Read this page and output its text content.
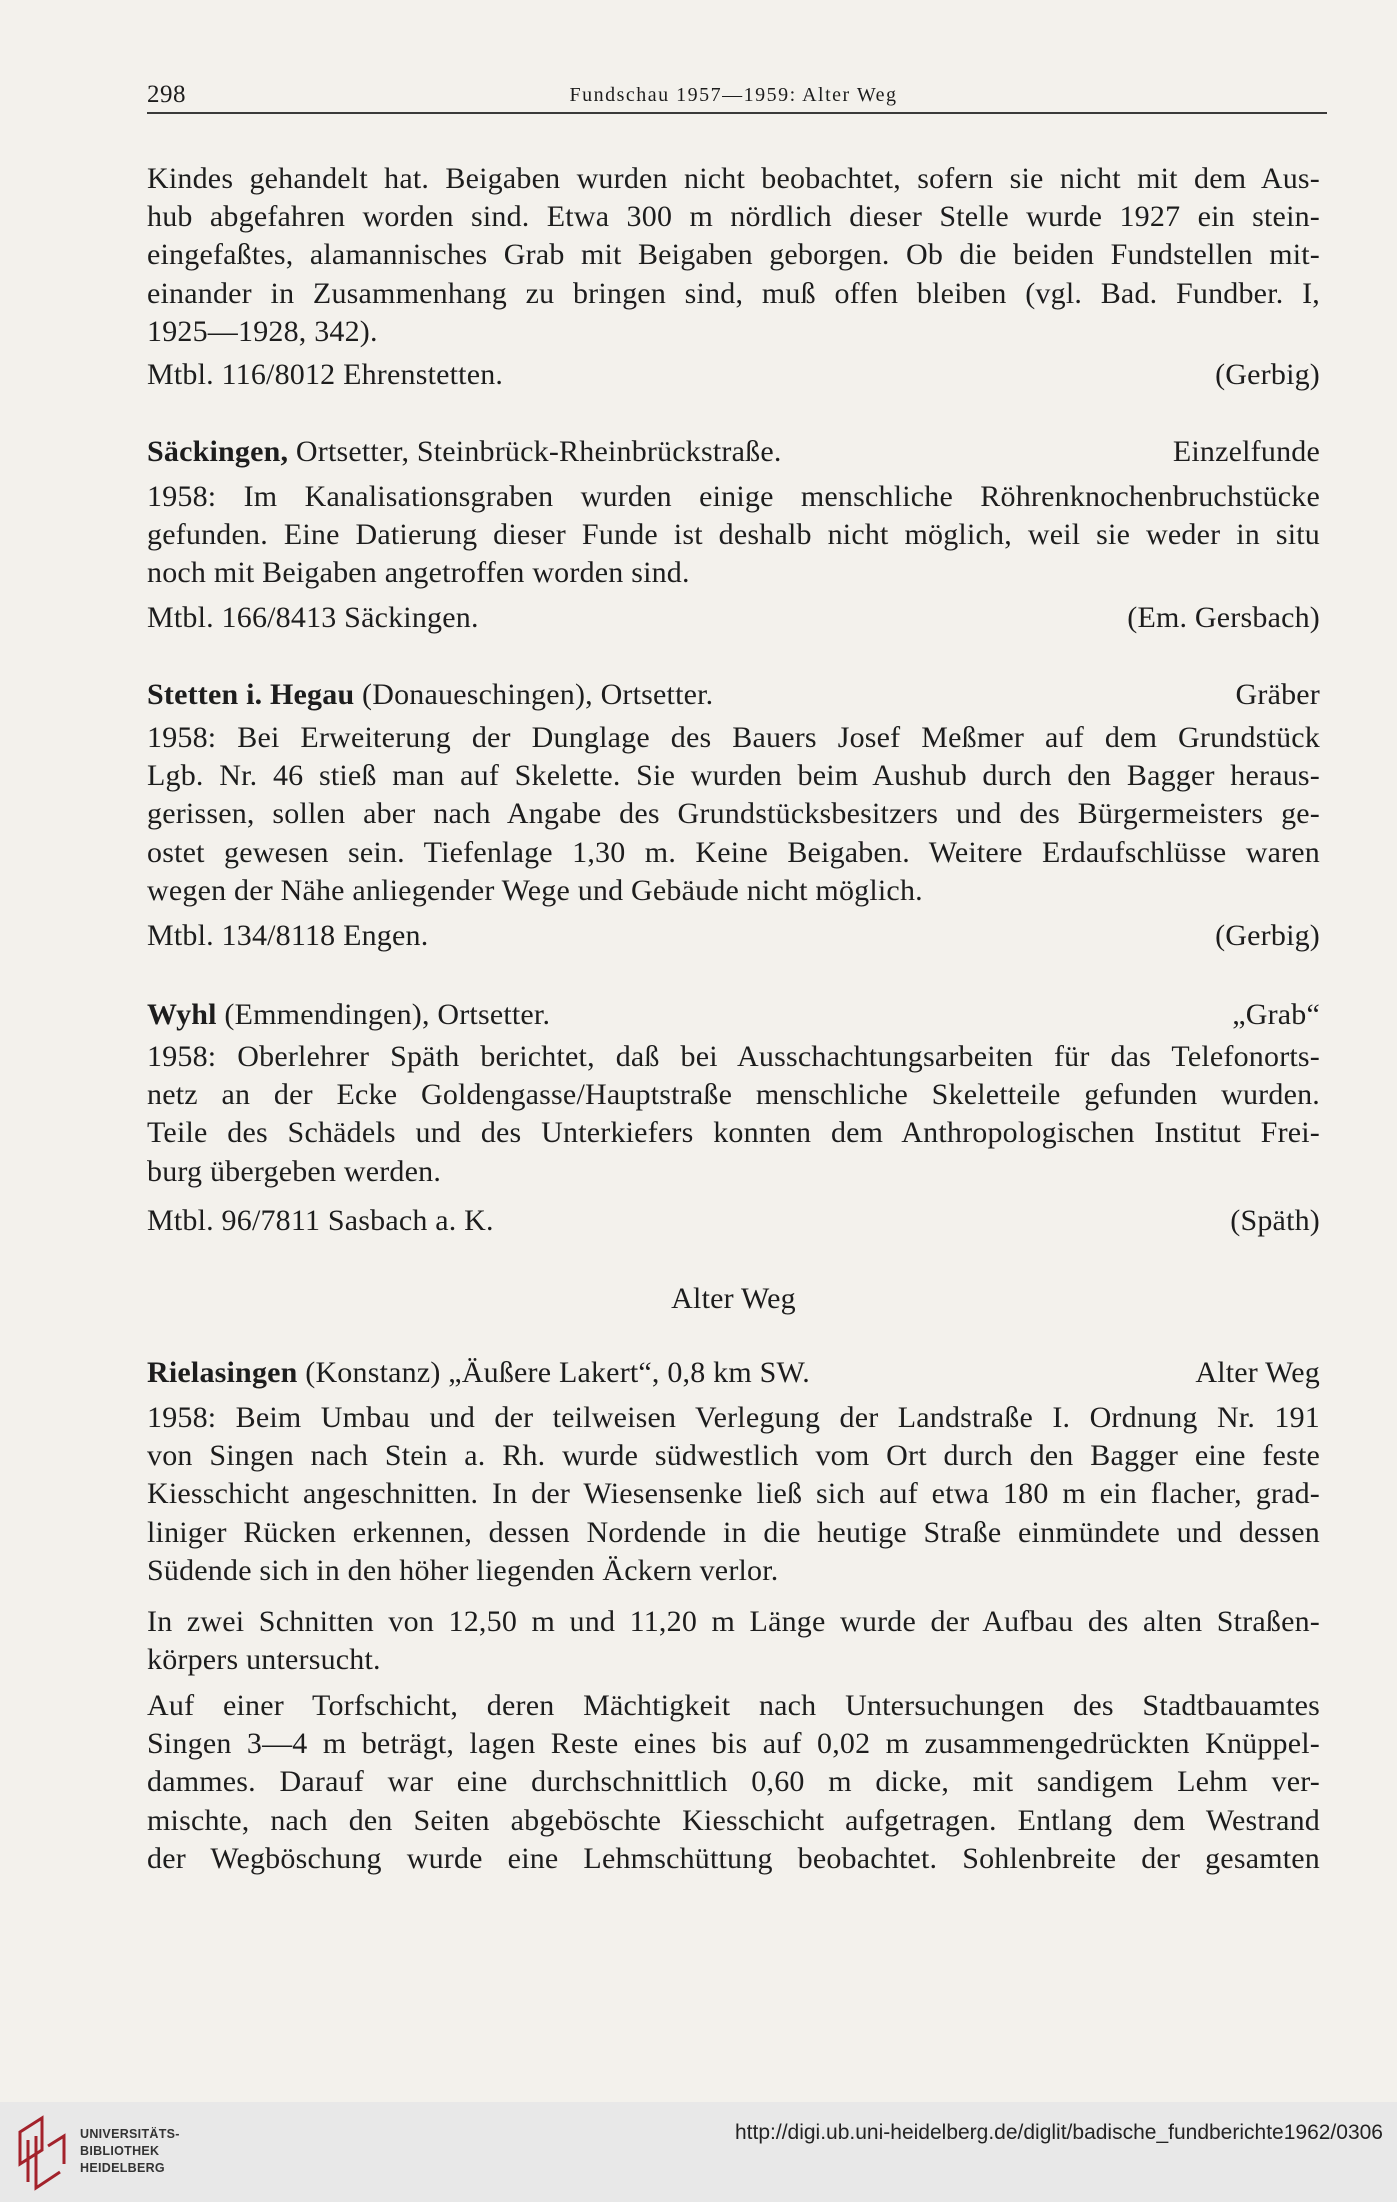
298	Fundschau 1957—1959: Alter Weg
Kindes gehandelt hat. Beigaben wurden nicht beobachtet, sofern sie nicht mit dem Aus-
hub abgefahren worden sind. Etwa 300 m nördlich dieser Stelle wurde 1927 ein stein-
eingefaßtes, alamannisches Grab mit Beigaben geborgen. Ob die beiden Fundstellen mit-
einander in Zusammenhang zu bringen sind, muß offen bleiben (vgl. Bad. Fundber. I,
1925—1928, 342).
Mtbl. 116/8012 Ehrenstetten.	(Gerbig)
Säckingen, Ortsetter, Steinbrück-Rheinbrückstraße.	Einzelfunde
1958: Im Kanalisationsgraben wurden einige menschliche Röhrenknochenbruchstücke
gefunden. Eine Datierung dieser Funde ist deshalb nicht möglich, weil sie weder in situ
noch mit Beigaben angetroffen worden sind.
Mtbl. 166/8413 Säckingen.	(Em. Gersbach)
Stetten i. Hegau (Donaueschingen), Ortsetter.	Gräber
1958: Bei Erweiterung der Dunglage des Bauers Josef Meßmer auf dem Grundstück
Lgb. Nr. 46 stieß man auf Skelette. Sie wurden beim Aushub durch den Bagger heraus-
gerissen, sollen aber nach Angabe des Grundstücksbesitzers und des Bürgermeisters ge-
ostet gewesen sein. Tiefenlage 1,30 m. Keine Beigaben. Weitere Erdaufschlüsse waren
wegen der Nähe anliegender Wege und Gebäude nicht möglich.
Mtbl. 134/8118 Engen.	(Gerbig)
Wyhl (Emmendingen), Ortsetter.	„Grab“
1958: Oberlehrer Späth berichtet, daß bei Ausschachtungsarbeiten für das Telefonorts-
netz an der Ecke Goldengasse/Hauptstraße menschliche Skeletteile gefunden wurden.
Teile des Schädels und des Unterkiefers konnten dem Anthropologischen Institut Frei-
burg übergeben werden.
Mtbl. 96/7811 Sasbach a. K.	(Späth)
Alter Weg
Rielasingen (Konstanz) „Äußere Lakert“, 0,8 km SW.	Alter Weg
1958: Beim Umbau und der teilweisen Verlegung der Landstraße I. Ordnung Nr. 191
von Singen nach Stein a. Rh. wurde südwestlich vom Ort durch den Bagger eine feste
Kiesschicht angeschnitten. In der Wiesensenke ließ sich auf etwa 180 m ein flacher, grad-
liniger Rücken erkennen, dessen Nordende in die heutige Straße einmündete und dessen
Südende sich in den höher liegenden Äckern verlor.
In zwei Schnitten von 12,50 m und 11,20 m Länge wurde der Aufbau des alten Straßen-
körpers untersucht.
Auf einer Torfschicht, deren Mächtigkeit nach Untersuchungen des Stadtbauamtes
Singen 3—4 m beträgt, lagen Reste eines bis auf 0,02 m zusammengedrückten Knüppel-
dammes. Darauf war eine durchschnittlich 0,60 m dicke, mit sandigem Lehm ver-
mischte, nach den Seiten abgeböschte Kiesschicht aufgetragen. Entlang dem Westrand
der Wegböschung wurde eine Lehmschüttung beobachtet. Sohlenbreite der gesamten
UNIVERSITÄTS-
BIBLIOTHEK
HEIDELBERG
http://digi.ub.uni-heidelberg.de/diglit/badische_fundberichte1962/0306
